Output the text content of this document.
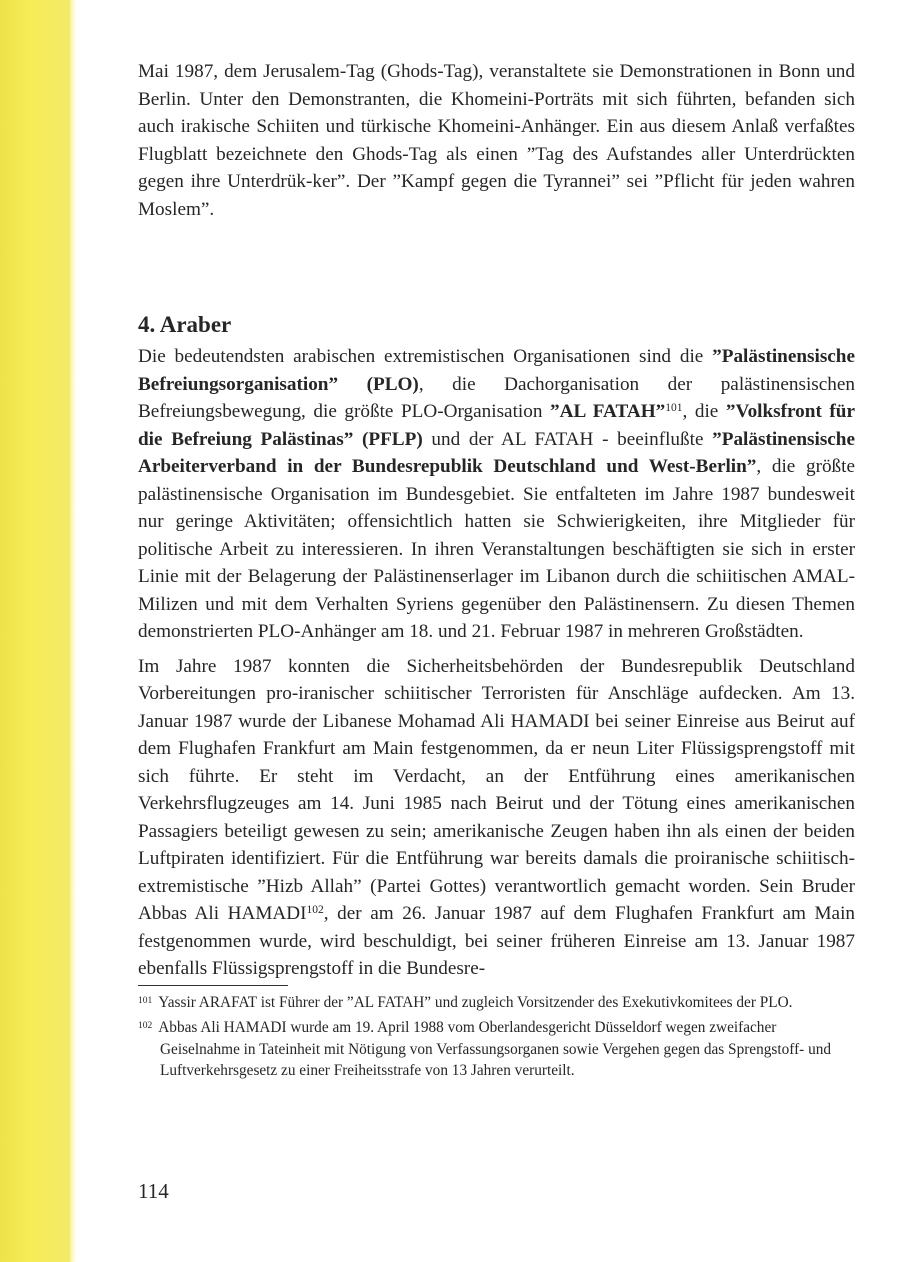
Mai 1987, dem Jerusalem-Tag (Ghods-Tag), veranstaltete sie Demonstrationen in Bonn und Berlin. Unter den Demonstranten, die Khomeini-Porträts mit sich führten, befanden sich auch irakische Schiiten und türkische Khomeini-Anhänger. Ein aus diesem Anlaß verfaßtes Flugblatt bezeichnete den Ghods-Tag als einen ”Tag des Aufstandes aller Unterdrückten gegen ihre Unterdrük-ker”. Der ”Kampf gegen die Tyrannei” sei ”Pflicht für jeden wahren Moslem”.

4. Araber

Die bedeutendsten arabischen extremistischen Organisationen sind die ”Palästinensische Befreiungsorganisation” (PLO), die Dachorganisation der palästinensischen Befreiungsbewegung, die größte PLO-Organisation ”AL FATAH”$^{101}$, die ”Volksfront für die Befreiung Palästinas” (PFLP) und der AL FATAH - beeinflußte ”Palästinensische Arbeiterverband in der Bundesrepublik Deutschland und West-Berlin”, die größte palästinensische Organisation im Bundesgebiet. Sie entfalteten im Jahre 1987 bundesweit nur geringe Aktivitäten; offensichtlich hatten sie Schwierigkeiten, ihre Mitglieder für politische Arbeit zu interessieren. In ihren Veranstaltungen beschäftigten sie sich in erster Linie mit der Belagerung der Palästinenserlager im Libanon durch die schiitischen AMAL-Milizen und mit dem Verhalten Syriens gegenüber den Palästinensern. Zu diesen Themen demonstrierten PLO-Anhänger am 18. und 21. Februar 1987 in mehreren Großstädten.

Im Jahre 1987 konnten die Sicherheitsbehörden der Bundesrepublik Deutschland Vorbereitungen pro-iranischer schiitischer Terroristen für Anschläge aufdecken. Am 13. Januar 1987 wurde der Libanese Mohamad Ali HAMADI bei seiner Einreise aus Beirut auf dem Flughafen Frankfurt am Main festgenommen, da er neun Liter Flüssigsprengstoff mit sich führte. Er steht im Verdacht, an der Entführung eines amerikanischen Verkehrsflugzeuges am 14. Juni 1985 nach Beirut und der Tötung eines amerikanischen Passagiers beteiligt gewesen zu sein; amerikanische Zeugen haben ihn als einen der beiden Luftpiraten identifiziert. Für die Entführung war bereits damals die proiranische schiitisch-extremistische ”Hizb Allah” (Partei Gottes) verantwortlich gemacht worden. Sein Bruder Abbas Ali HAMADI$^{102}$, der am 26. Januar 1987 auf dem Flughafen Frankfurt am Main festgenommen wurde, wird beschuldigt, bei seiner früheren Einreise am 13. Januar 1987 ebenfalls Flüssigsprengstoff in die Bundesre-

$^{101}$ Yassir ARAFAT ist Führer der ”AL FATAH” und zugleich Vorsitzender des Exekutivkomitees der PLO.

$^{102}$ Abbas Ali HAMADI wurde am 19. April 1988 vom Oberlandesgericht Düsseldorf wegen zweifacher Geiselnahme in Tateinheit mit Nötigung von Verfassungsorganen sowie Vergehen gegen das Sprengstoff- und Luftverkehrsgesetz zu einer Freiheitsstrafe von 13 Jahren verurteilt.

114
